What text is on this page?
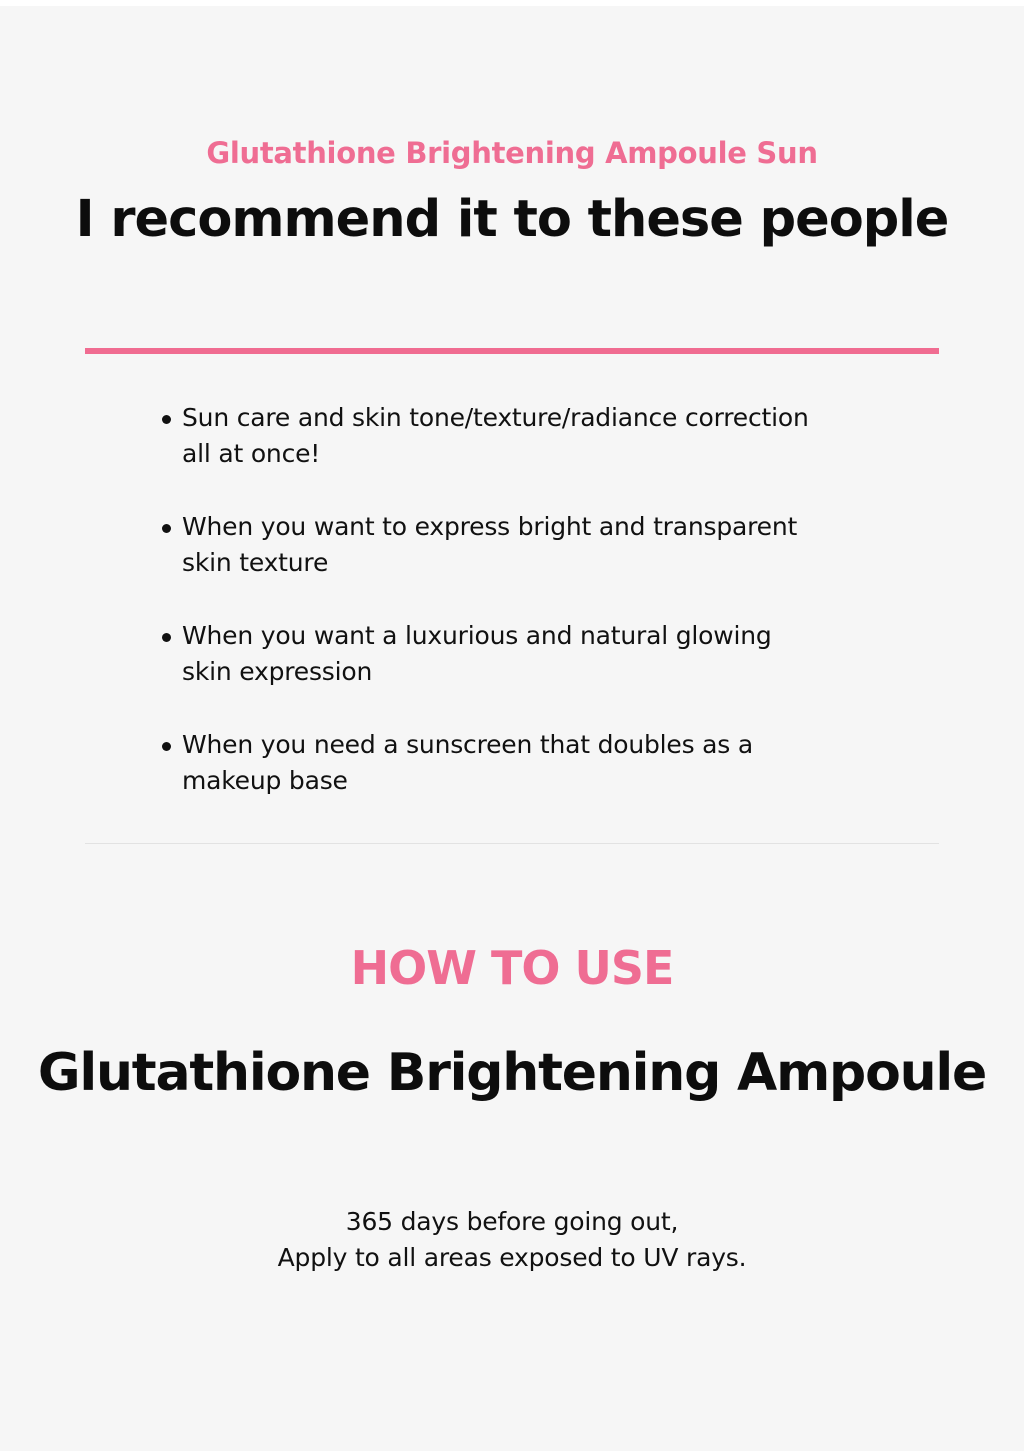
Glutathione Brightening Ampoule Sun
I recommend it to these people
Sun care and skin tone/texture/radiance correction
all at once!
When you want to express bright and transparent
skin texture
When you want a luxurious and natural glowing
skin expression
When you need a sunscreen that doubles as a
makeup base
HOW TO USE
Glutathione Brightening Ampoule
365 days before going out,
Apply to all areas exposed to UV rays.
